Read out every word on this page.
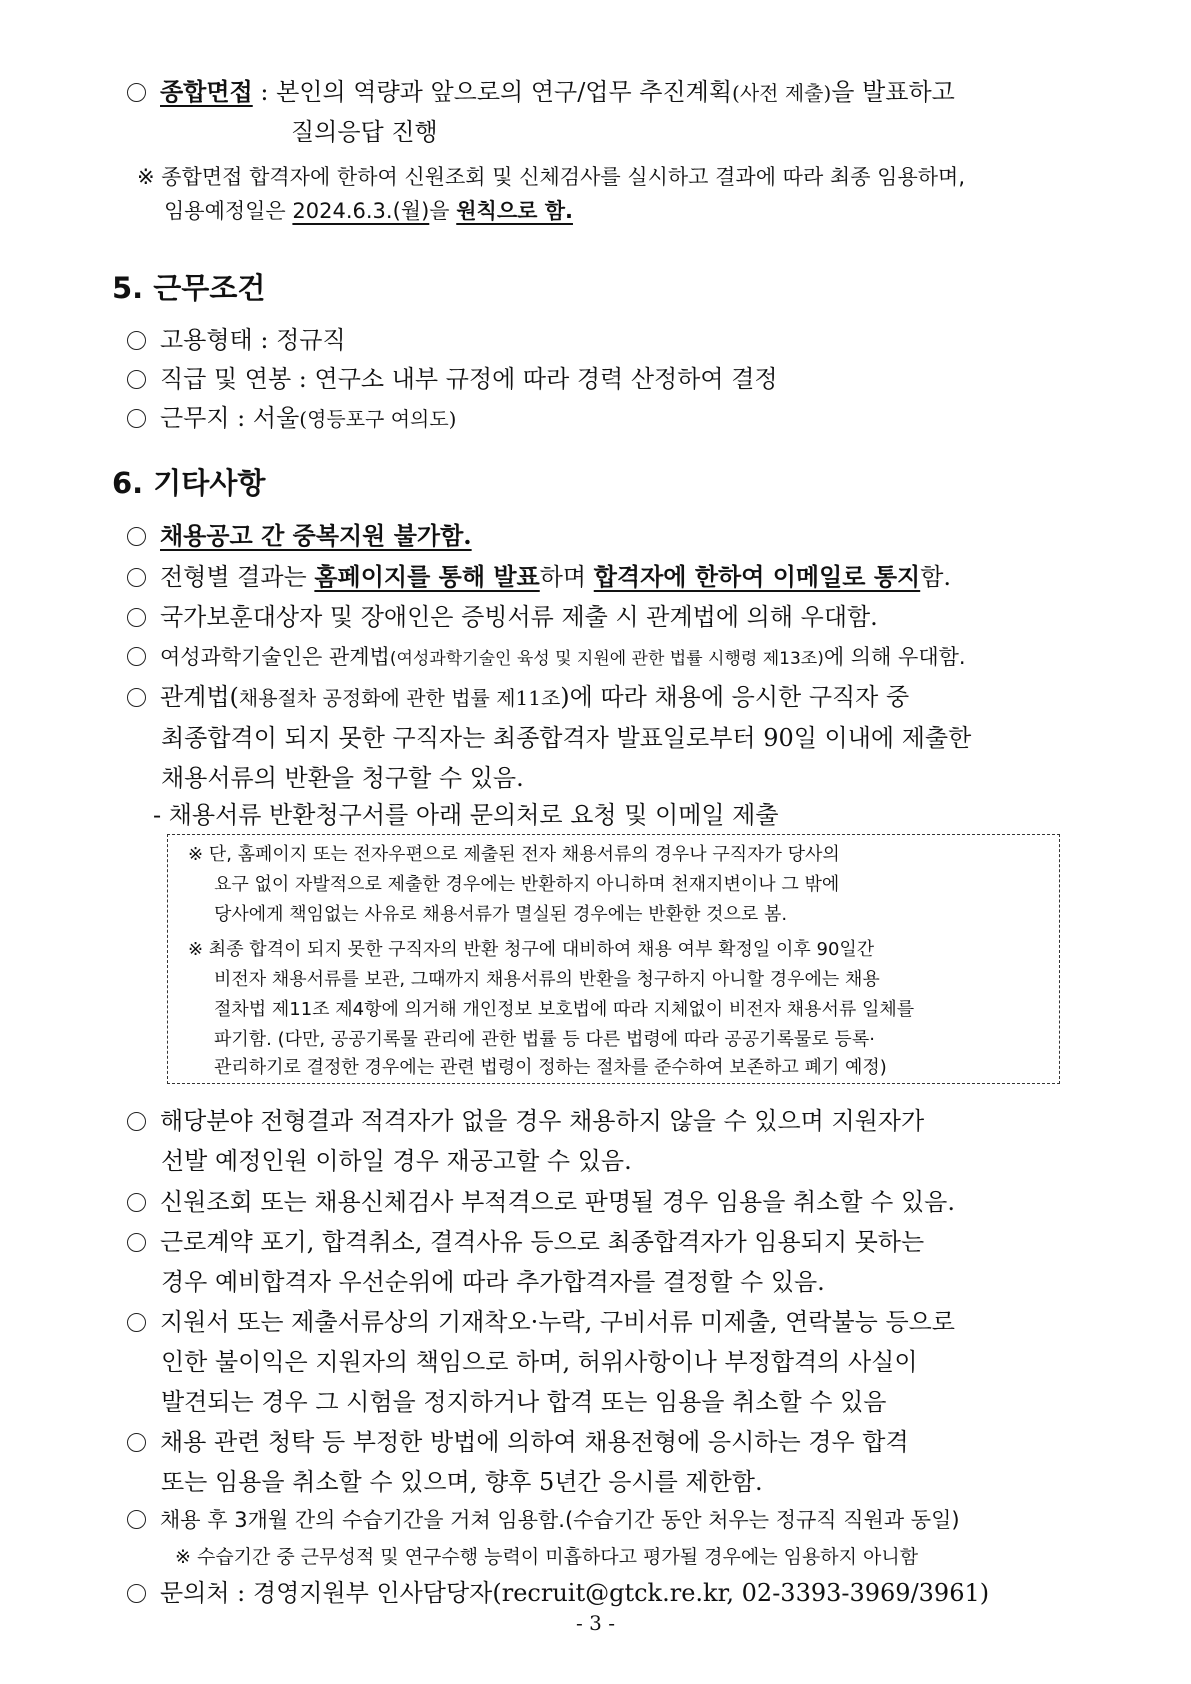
종합면접 : 본인의 역량과 앞으로의 연구/업무 추진계획(사전 제출)을 발표하고
질의응답 진행
※ 종합면접 합격자에 한하여 신원조회 및 신체검사를 실시하고 결과에 따라 최종 임용하며,
임용예정일은 2024.6.3.(월)을 원칙으로 함.
5. 근무조건
고용형태 : 정규직
직급 및 연봉 : 연구소 내부 규정에 따라 경력 산정하여 결정
근무지 : 서울(영등포구 여의도)
6. 기타사항
채용공고 간 중복지원 불가함.
전형별 결과는 홈페이지를 통해 발표하며 합격자에 한하여 이메일로 통지함.
국가보훈대상자 및 장애인은 증빙서류 제출 시 관계법에 의해 우대함.
여성과학기술인은 관계법(여성과학기술인 육성 및 지원에 관한 법률 시행령 제13조)에 의해 우대함.
관계법(채용절차 공정화에 관한 법률 제11조)에 따라 채용에 응시한 구직자 중
최종합격이 되지 못한 구직자는 최종합격자 발표일로부터 90일 이내에 제출한
채용서류의 반환을 청구할 수 있음.
- 채용서류 반환청구서를 아래 문의처로 요청 및 이메일 제출
※ 단, 홈페이지 또는 전자우편으로 제출된 전자 채용서류의 경우나 구직자가 당사의
요구 없이 자발적으로 제출한 경우에는 반환하지 아니하며 천재지변이나 그 밖에
당사에게 책임없는 사유로 채용서류가 멸실된 경우에는 반환한 것으로 봄.
※ 최종 합격이 되지 못한 구직자의 반환 청구에 대비하여 채용 여부 확정일 이후 90일간
비전자 채용서류를 보관, 그때까지 채용서류의 반환을 청구하지 아니할 경우에는 채용
절차법 제11조 제4항에 의거해 개인정보 보호법에 따라 지체없이 비전자 채용서류 일체를
파기함. (다만, 공공기록물 관리에 관한 법률 등 다른 법령에 따라 공공기록물로 등록·
관리하기로 결정한 경우에는 관련 법령이 정하는 절차를 준수하여 보존하고 폐기 예정)
해당분야 전형결과 적격자가 없을 경우 채용하지 않을 수 있으며 지원자가
선발 예정인원 이하일 경우 재공고할 수 있음.
신원조회 또는 채용신체검사 부적격으로 판명될 경우 임용을 취소할 수 있음.
근로계약 포기, 합격취소, 결격사유 등으로 최종합격자가 임용되지 못하는
경우 예비합격자 우선순위에 따라 추가합격자를 결정할 수 있음.
지원서 또는 제출서류상의 기재착오·누락, 구비서류 미제출, 연락불능 등으로
인한 불이익은 지원자의 책임으로 하며, 허위사항이나 부정합격의 사실이
발견되는 경우 그 시험을 정지하거나 합격 또는 임용을 취소할 수 있음
채용 관련 청탁 등 부정한 방법에 의하여 채용전형에 응시하는 경우 합격
또는 임용을 취소할 수 있으며, 향후 5년간 응시를 제한함.
채용 후 3개월 간의 수습기간을 거쳐 임용함.(수습기간 동안 처우는 정규직 직원과 동일)
※ 수습기간 중 근무성적 및 연구수행 능력이 미흡하다고 평가될 경우에는 임용하지 아니함
문의처 : 경영지원부 인사담당자(recruit@gtck.re.kr, 02-3393-3969/3961)
- 3 -
